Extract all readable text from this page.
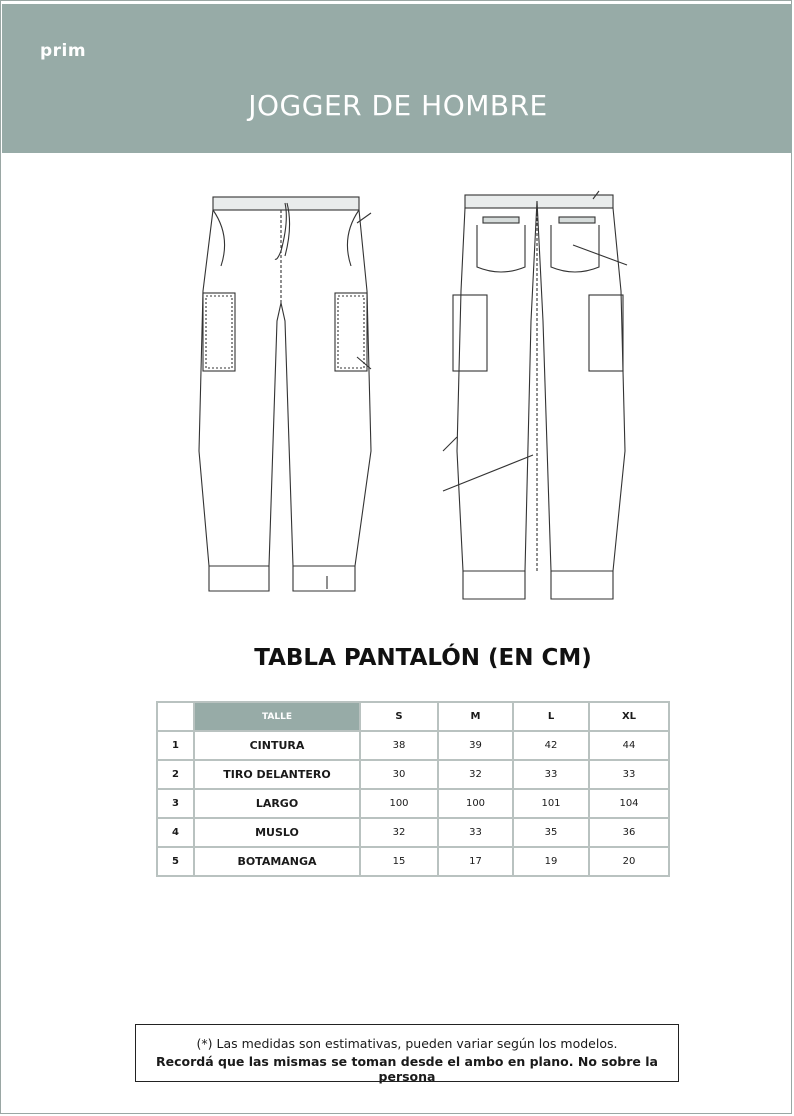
prim
JOGGER DE HOMBRE
TABLA PANTALÓN (EN CM)
	TALLE	S	M	L	XL
1	CINTURA	38	39	42	44
2	TIRO DELANTERO	30	32	33	33
3	LARGO	100	100	101	104
4	MUSLO	32	33	35	36
5	BOTAMANGA	15	17	19	20
(*) Las medidas son estimativas, pueden variar según los modelos.
Recordá que las mismas se toman desde el ambo en plano. No sobre la persona
